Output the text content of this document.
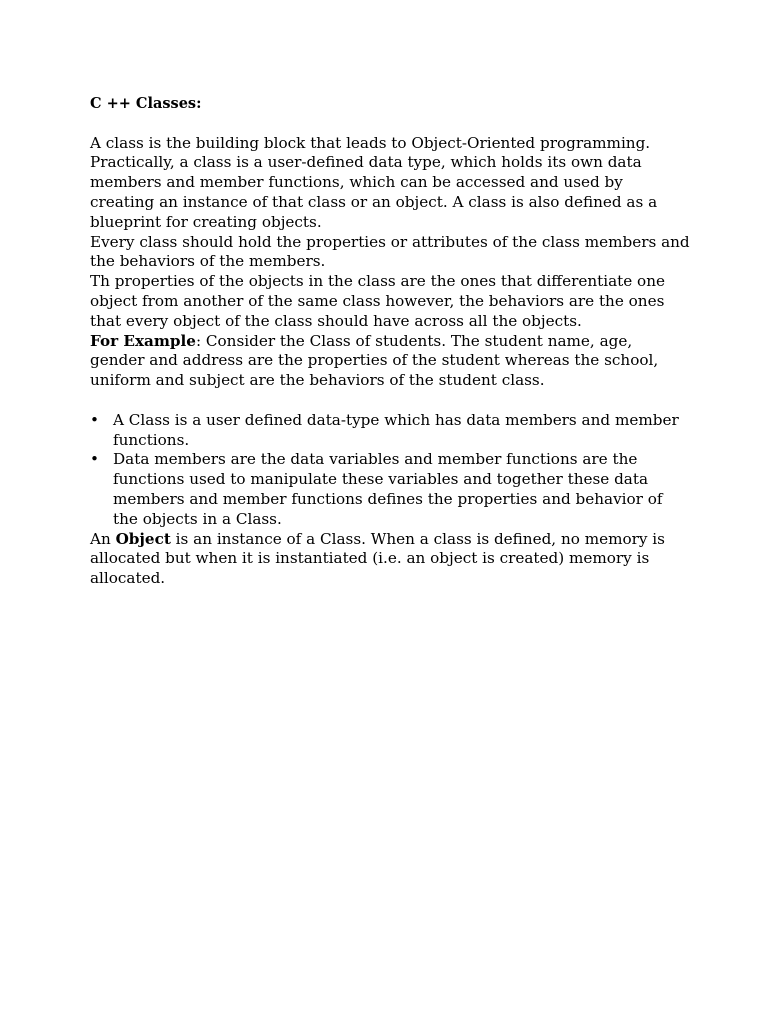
C ++ Classes:

A class is the building block that leads to Object-Oriented programming.

Practically, a class is a user-defined data type, which holds its own data members and member functions, which can be accessed and used by creating an instance of that class or an object. A class is also defined as a blueprint for creating objects.

Every class should hold the properties or attributes of the class members and the behaviors of the members.

Th properties of the objects in the class are the ones that differentiate one object from another of the same class however, the behaviors are the ones that every object of the class should have across all the objects.

For Example: Consider the Class of students. The student name, age, gender and address are the properties of the student whereas the school, uniform and subject are the behaviors of the student class.

• A Class is a user defined data-type which has data members and member functions.
• Data members are the data variables and member functions are the functions used to manipulate these variables and together these data members and member functions defines the properties and behavior of the objects in a Class.

An Object is an instance of a Class. When a class is defined, no memory is allocated but when it is instantiated (i.e. an object is created) memory is allocated.
